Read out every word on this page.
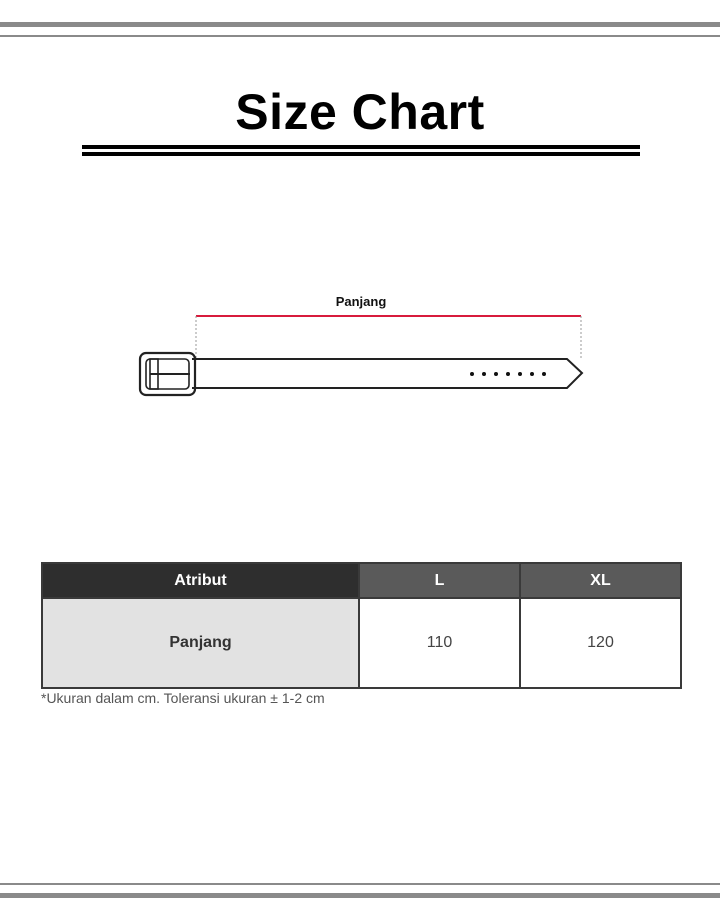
Size Chart
Panjang
Atribut	L	XL
Panjang	110	120
*Ukuran dalam cm. Toleransi ukuran ± 1-2 cm
